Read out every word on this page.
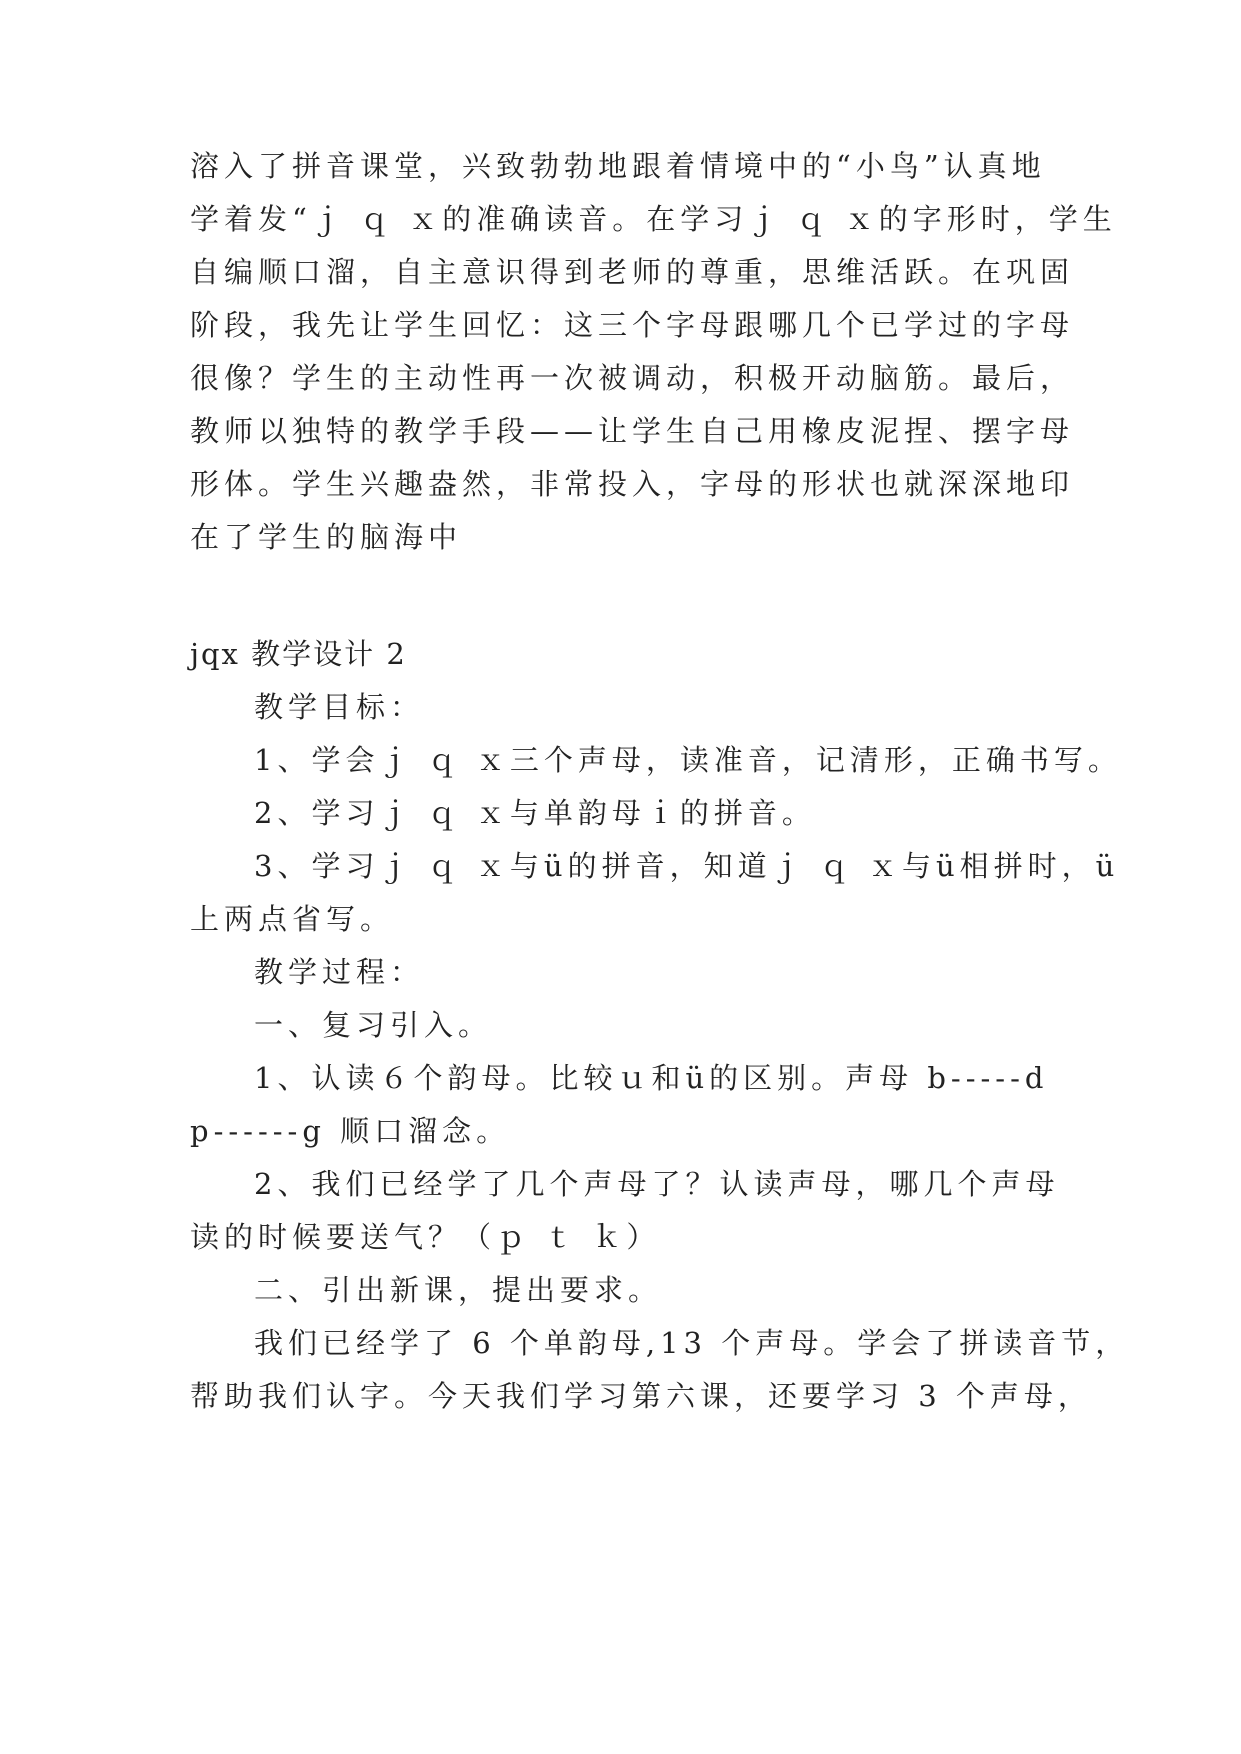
溶入了拼音课堂，兴致勃勃地跟着情境中的“小鸟”认真地
学着发“ｊ ｑ ｘ的准确读音。在学习ｊ ｑ ｘ的字形时，学生
自编顺口溜，自主意识得到老师的尊重，思维活跃。在巩固
阶段，我先让学生回忆：这三个字母跟哪几个已学过的字母
很像？学生的主动性再一次被调动，积极开动脑筋。最后，
教师以独特的教学手段——让学生自己用橡皮泥捏、摆字母
形体。学生兴趣盎然，非常投入，字母的形状也就深深地印
在了学生的脑海中
jqx 教学设计 2
教学目标：
1、学会ｊ ｑ ｘ三个声母，读准音，记清形，正确书写。
2、学习ｊ ｑ ｘ与单韵母ｉ的拼音。
3、学习ｊ ｑ ｘ与ü的拼音，知道ｊ ｑ ｘ与ü相拼时，ü
上两点省写。
教学过程：
一、复习引入。
1、认读６个韵母。比较ｕ和ü的区别。声母 b-----d
p------g 顺口溜念。
2、我们已经学了几个声母了？认读声母，哪几个声母
读的时候要送气？（ｐ ｔ ｋ）
二、引出新课，提出要求。
我们已经学了 6 个单韵母,13 个声母。学会了拼读音节，
帮助我们认字。今天我们学习第六课，还要学习 3 个声母，
